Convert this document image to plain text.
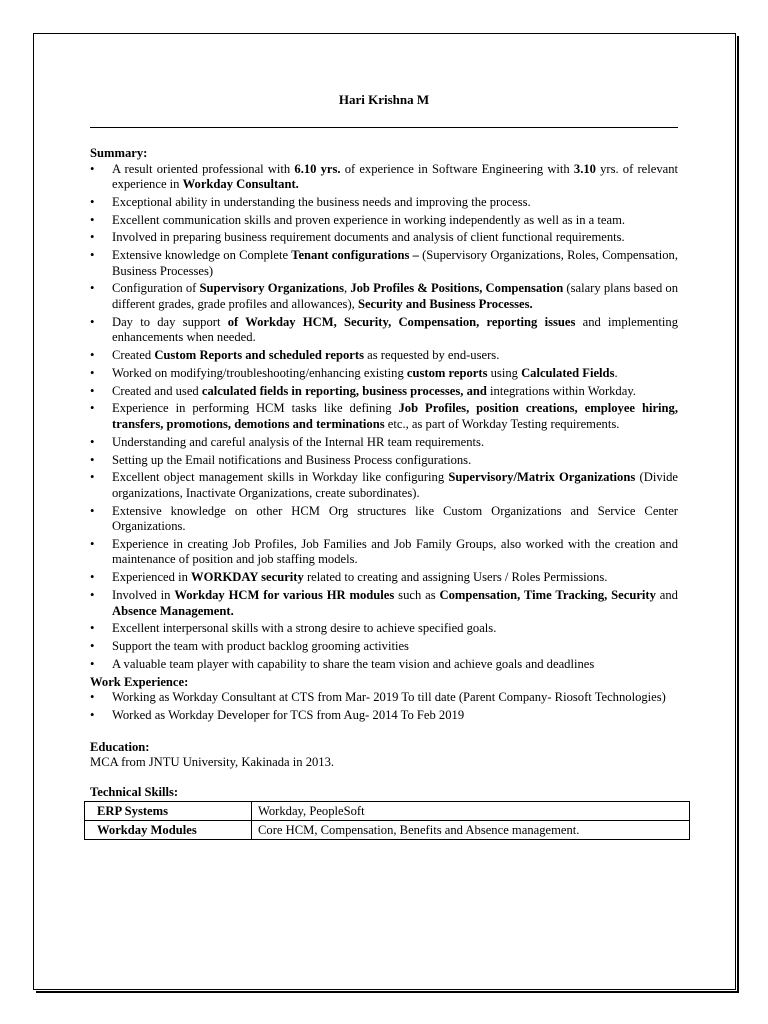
Hari Krishna M

Summary:

• A result oriented professional with 6.10 yrs. of experience in Software Engineering with 3.10 yrs. of relevant experience in Workday Consultant.
• Exceptional ability in understanding the business needs and improving the process.
• Excellent communication skills and proven experience in working independently as well as in a team.
• Involved in preparing business requirement documents and analysis of client functional requirements.
• Extensive knowledge on Complete Tenant configurations – (Supervisory Organizations, Roles, Compensation, Business Processes)
• Configuration of Supervisory Organizations, Job Profiles & Positions, Compensation (salary plans based on different grades, grade profiles and allowances), Security and Business Processes.
• Day to day support of Workday HCM, Security, Compensation, reporting issues and implementing enhancements when needed.
• Created Custom Reports and scheduled reports as requested by end-users.
• Worked on modifying/troubleshooting/enhancing existing custom reports using Calculated Fields.
• Created and used calculated fields in reporting, business processes, and integrations within Workday.
• Experience in performing HCM tasks like defining Job Profiles, position creations, employee hiring, transfers, promotions, demotions and terminations etc., as part of Workday Testing requirements.
• Understanding and careful analysis of the Internal HR team requirements.
• Setting up the Email notifications and Business Process configurations.
• Excellent object management skills in Workday like configuring Supervisory/Matrix Organizations (Divide organizations, Inactivate Organizations, create subordinates).
• Extensive knowledge on other HCM Org structures like Custom Organizations and Service Center Organizations.
• Experience in creating Job Profiles, Job Families and Job Family Groups, also worked with the creation and maintenance of position and job staffing models.
• Experienced in WORKDAY security related to creating and assigning Users / Roles Permissions.
• Involved in Workday HCM for various HR modules such as Compensation, Time Tracking, Security and Absence Management.
• Excellent interpersonal skills with a strong desire to achieve specified goals.
• Support the team with product backlog grooming activities
• A valuable team player with capability to share the team vision and achieve goals and deadlines

Work Experience:

• Working as Workday Consultant at CTS from Mar- 2019 To till date (Parent Company- Riosoft Technologies)
• Worked as Workday Developer for TCS from Aug- 2014 To Feb 2019

Education:

MCA from JNTU University, Kakinada in 2013.

Technical Skills:

ERP Systems	Workday, PeopleSoft
Workday Modules	Core HCM, Compensation, Benefits and Absence management.
